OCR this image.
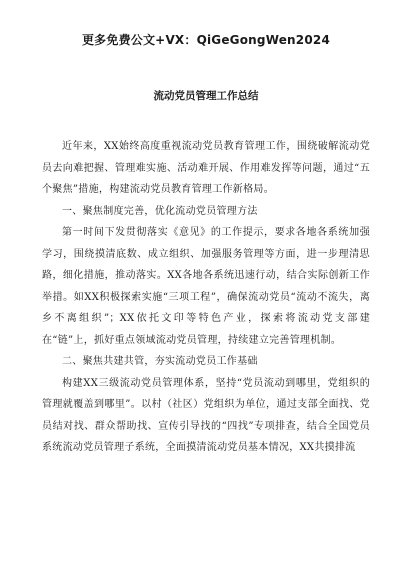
更多免费公文+VX：QiGeGongWen2024
流动党员管理工作总结

近年来，XX始终高度重视流动党员教育管理工作，围绕破解流动党员去向难把握、管理难实施、活动难开展、作用难发挥等问题，通过“五个聚焦”措施，构建流动党员教育管理工作新格局。

一、聚焦制度完善，优化流动党员管理方法

第一时间下发贯彻落实《意见》的工作提示，要求各地各系统加强学习，围绕摸清底数、成立组织、加强服务管理等方面，进一步理清思路，细化措施，推动落实。XX各地各系统迅速行动，结合实际创新工作举措。如XX积极探索实施“三项工程”，确保流动党员“流动不流失，离乡不离组织”；XX依托文印等特色产业，探索将流动党支部建在“链”上，抓好重点领域流动党员管理，持续建立完善管理机制。

二、聚焦共建共管，夯实流动党员工作基础

构建XX三级流动党员管理体系，坚持“党员流动到哪里，党组织的管理就覆盖到哪里”。以村（社区）党组织为单位，通过支部全面找、党员结对找、群众帮助找、宣传引导找的“四找”专项排查，结合全国党员系统流动党员管理子系统，全面摸清流动党员基本情况，XX共摸排流
